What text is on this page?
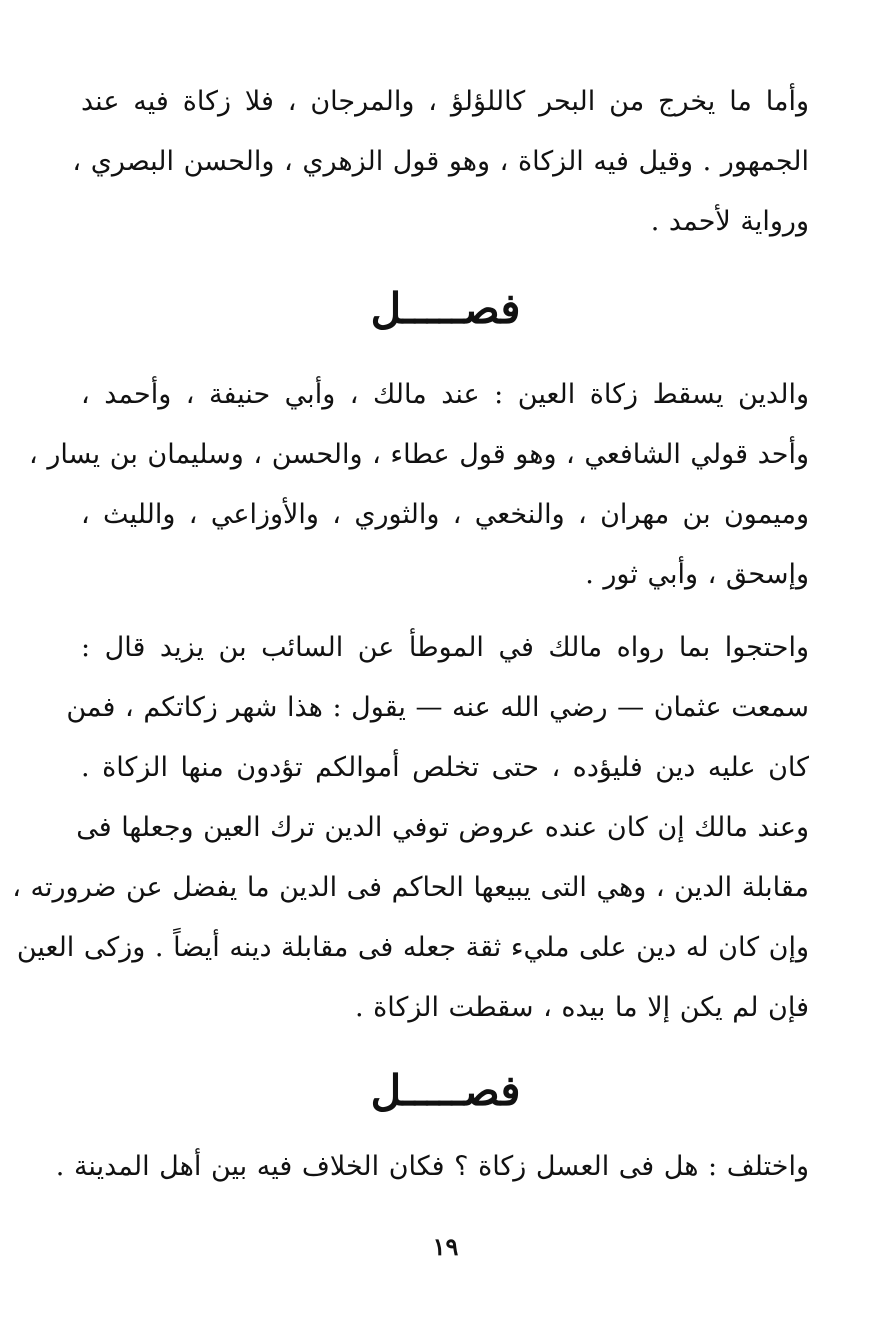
وأما ما يخرج من البحر كاللؤلؤ ، والمرجان ، فلا زكاة فيه عند
الجمهور . وقيل فيه الزكاة ، وهو قول الزهري ، والحسن البصري ،
ورواية لأحمد .
فصـــــل
والدين يسقط زكاة العين : عند مالك ، وأبي حنيفة ، وأحمد ،
وأحد قولي الشافعي ، وهو قول عطاء ، والحسن ، وسليمان بن يسار ،
وميمون بن مهران ، والنخعي ، والثوري ، والأوزاعي ، والليث ،
وإسحق ، وأبي ثور .
واحتجوا بما رواه مالك في الموطأ عن السائب بن يزيد قال :
سمعت عثمان — رضي الله عنه — يقول : هذا شهر زكاتكم ، فمن
كان عليه دين فليؤده ، حتى تخلص أموالكم تؤدون منها الزكاة .
وعند مالك إن كان عنده عروض توفي الدين ترك العين وجعلها فى
مقابلة الدين ، وهي التى يبيعها الحاكم فى الدين ما يفضل عن ضرورته ،
وإن كان له دين على مليء ثقة جعله فى مقابلة دينه أيضاً . وزكى العين
فإن لم يكن إلا ما بيده ، سقطت الزكاة .
فصـــــل
واختلف : هل فى العسل زكاة ؟ فكان الخلاف فيه بين أهل المدينة .
١٩
